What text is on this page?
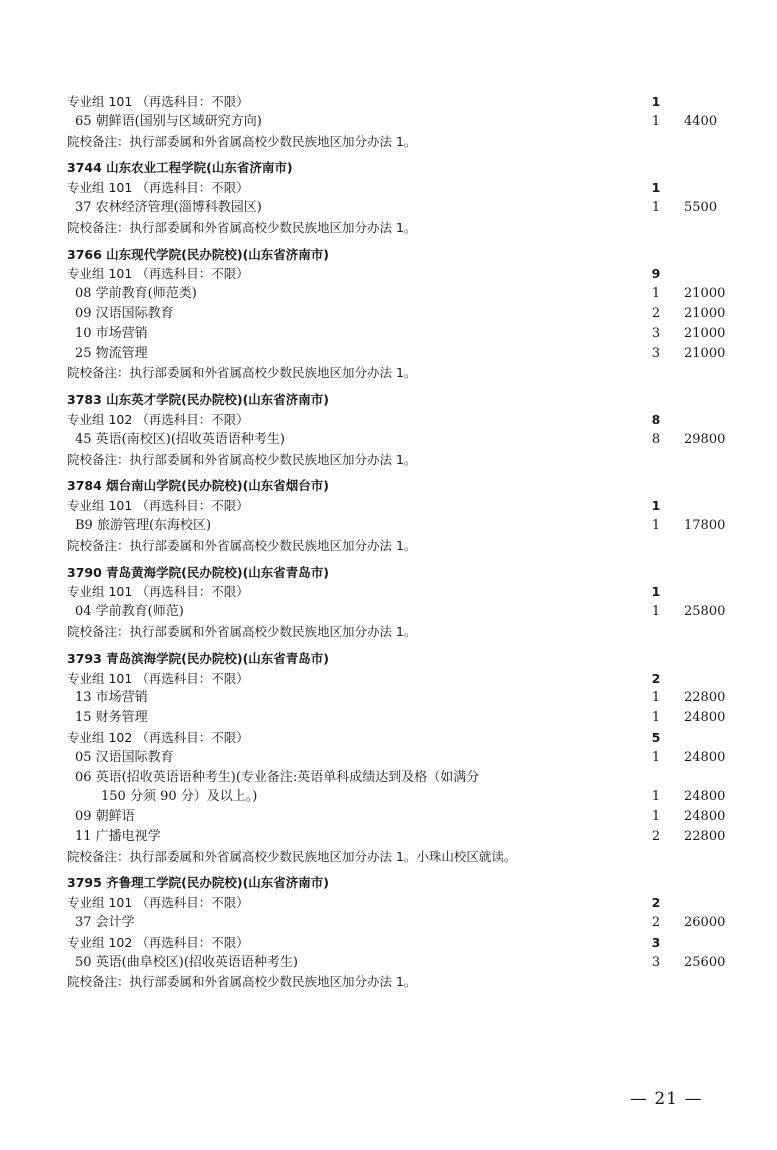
专业组 101 （再选科目：不限）	1
65 朝鲜语(国别与区域研究方向)	1 4400
院校备注：执行部委属和外省属高校少数民族地区加分办法 1。
3744 山东农业工程学院(山东省济南市)
专业组 101 （再选科目：不限）	1
37 农林经济管理(淄博科教园区)	1 5500
院校备注：执行部委属和外省属高校少数民族地区加分办法 1。
3766 山东现代学院(民办院校)(山东省济南市)
专业组 101 （再选科目：不限）	9
08 学前教育(师范类)	1 21000
09 汉语国际教育	2 21000
10 市场营销	3 21000
25 物流管理	3 21000
院校备注：执行部委属和外省属高校少数民族地区加分办法 1。
3783 山东英才学院(民办院校)(山东省济南市)
专业组 102 （再选科目：不限）	8
45 英语(南校区)(招收英语语种考生)	8 29800
院校备注：执行部委属和外省属高校少数民族地区加分办法 1。
3784 烟台南山学院(民办院校)(山东省烟台市)
专业组 101 （再选科目：不限）	1
B9 旅游管理(东海校区)	1 17800
院校备注：执行部委属和外省属高校少数民族地区加分办法 1。
3790 青岛黄海学院(民办院校)(山东省青岛市)
专业组 101 （再选科目：不限）	1
04 学前教育(师范)	1 25800
院校备注：执行部委属和外省属高校少数民族地区加分办法 1。
3793 青岛滨海学院(民办院校)(山东省青岛市)
专业组 101 （再选科目：不限）	2
13 市场营销	1 22800
15 财务管理	1 24800
专业组 102 （再选科目：不限）	5
05 汉语国际教育	1 24800
06 英语(招收英语语种考生)(专业备注:英语单科成绩达到及格（如满分
150 分须 90 分）及以上。)	1 24800
09 朝鲜语	1 24800
11 广播电视学	2 22800
院校备注：执行部委属和外省属高校少数民族地区加分办法 1。小珠山校区就读。
3795 齐鲁理工学院(民办院校)(山东省济南市)
专业组 101 （再选科目：不限）	2
37 会计学	2 26000
专业组 102 （再选科目：不限）	3
50 英语(曲阜校区)(招收英语语种考生)	3 25600
院校备注：执行部委属和外省属高校少数民族地区加分办法 1。
— 21 —
